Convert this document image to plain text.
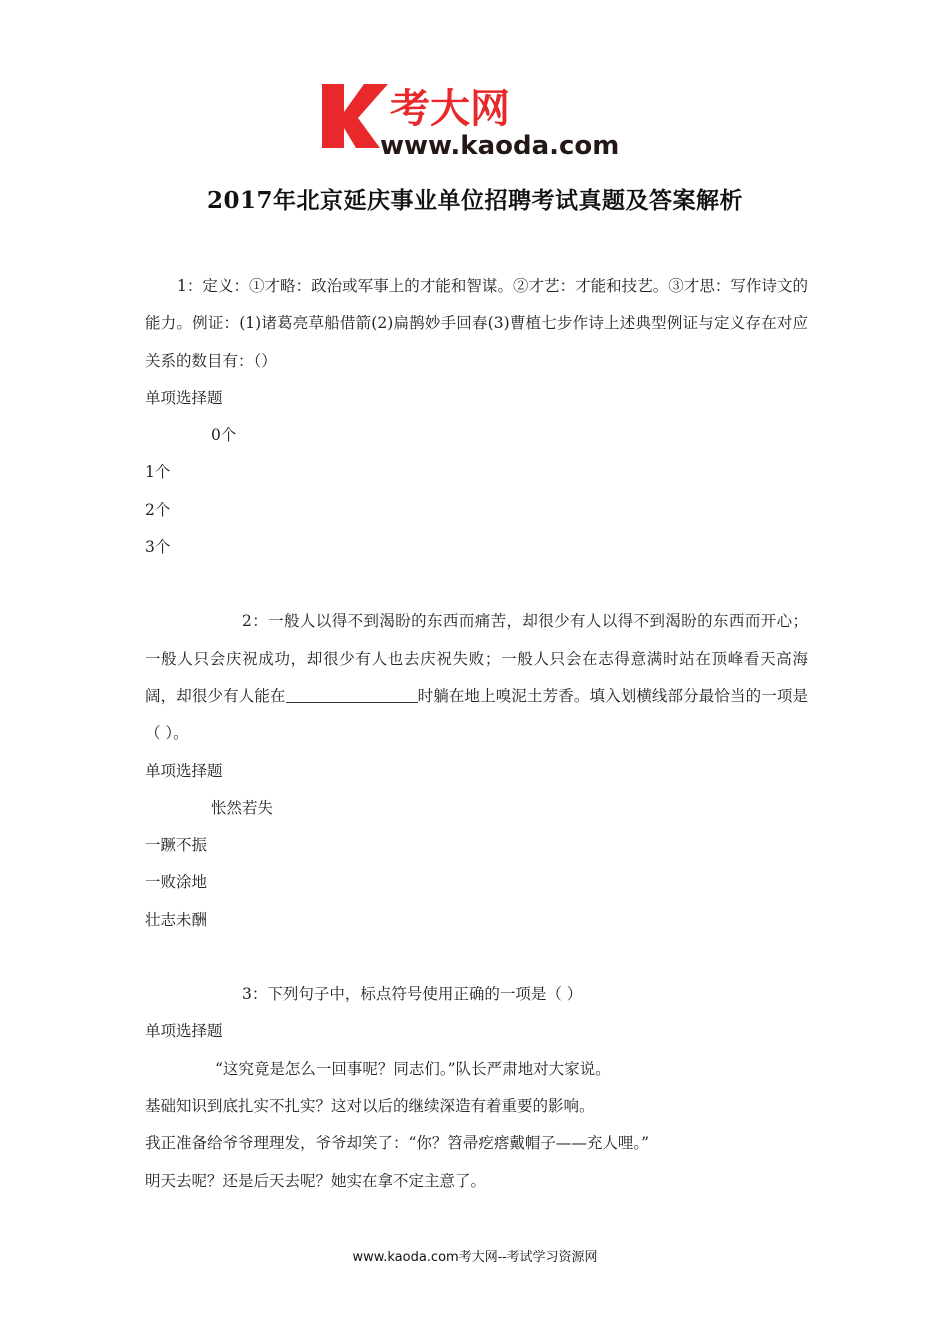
考大网
www.kaoda.com
2017年北京延庆事业单位招聘考试真题及答案解析

1：定义：①才略：政治或军事上的才能和智谋。②才艺：才能和技艺。③才思：写作诗文的能力。例证：(1)诸葛亮草船借箭(2)扁鹊妙手回春(3)曹植七步作诗上述典型例证与定义存在对应关系的数目有：（）

单项选择题

0个

1个

2个

3个

2：一般人以得不到渴盼的东西而痛苦，却很少有人以得不到渴盼的东西而开心；一般人只会庆祝成功，却很少有人也去庆祝失败；一般人只会在志得意满时站在顶峰看天高海阔，却很少有人能在	时躺在地上嗅泥土芳香。填入划横线部分最恰当的一项是（ ）。

单项选择题

怅然若失

一蹶不振

一败涂地

壮志未酬

3：下列句子中，标点符号使用正确的一项是（ ）

单项选择题

“这究竟是怎么一回事呢？同志们。”队长严肃地对大家说。

基础知识到底扎实不扎实？这对以后的继续深造有着重要的影响。

我正准备给爷爷理理发，爷爷却笑了：“你？笤帚疙瘩戴帽子——充人哩。”

明天去呢？还是后天去呢？她实在拿不定主意了。

www.kaoda.com考大网--考试学习资源网
